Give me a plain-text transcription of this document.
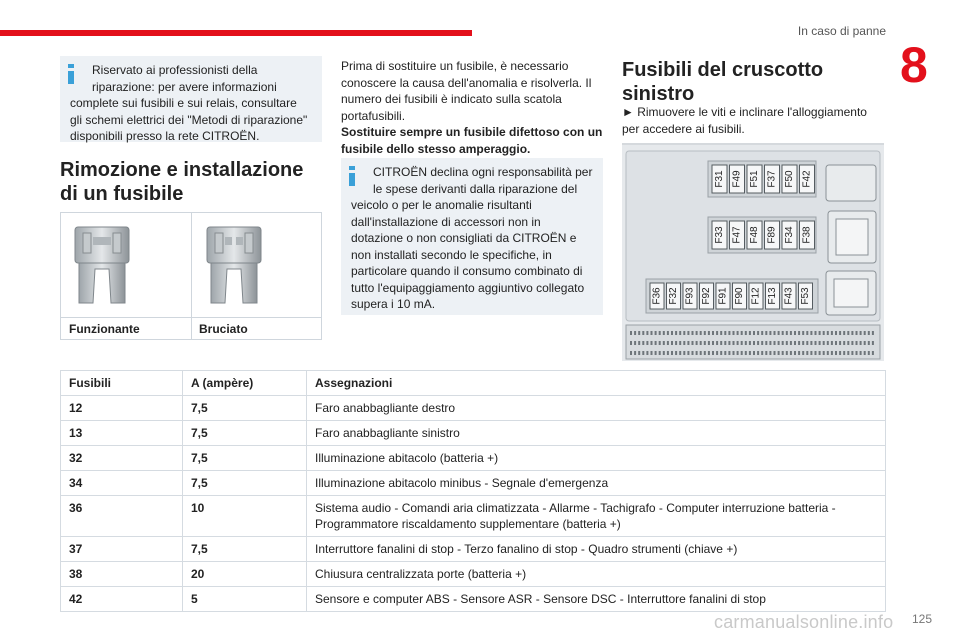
In caso di panne
8
Riservato ai professionisti della
riparazione: per avere informazioni
complete sui fusibili e sui relais, consultare gli schemi elettrici dei "Metodi di riparazione" disponibili presso la rete CITROËN.
Rimozione e installazione di un fusibile
Funzionante	Bruciato
Prima di sostituire un fusibile, è necessario conoscere la causa dell'anomalia e risolverla. Il numero dei fusibili è indicato sulla scatola portafusibili.
Sostituire sempre un fusibile difettoso con un fusibile dello stesso amperaggio.
CITROËN declina ogni responsabilità per
le spese derivanti dalla riparazione del
veicolo o per le anomalie risultanti dall'installazione di accessori non in dotazione o non consigliati da CITROËN e non installati secondo le specifiche, in particolare quando il consumo combinato di tutto l'equipaggiamento aggiuntivo collegato supera i 10 mA.
Fusibili del cruscotto sinistro
► Rimuovere le viti e inclinare l'alloggiamento per accedere ai fusibili.
F31 F49 F51 F37 F50 F42
F33 F47 F48 F89 F34 F38
F36 F32 F93 F92 F91 F90 F12 F13 F43 F53
Fusibili	A (ampère)	Assegnazioni
12	7,5	Faro anabbagliante destro
13	7,5	Faro anabbagliante sinistro
32	7,5	Illuminazione abitacolo (batteria +)
34	7,5	Illuminazione abitacolo minibus - Segnale d'emergenza
36	10	Sistema audio - Comandi aria climatizzata - Allarme - Tachigrafo - Computer interruzione batteria - Programmatore riscaldamento supplementare (batteria +)
37	7,5	Interruttore fanalini di stop - Terzo fanalino di stop - Quadro strumenti (chiave +)
38	20	Chiusura centralizzata porte (batteria +)
42	5	Sensore e computer ABS - Sensore ASR - Sensore DSC - Interruttore fanalini di stop
carmanualsonline.info 125
